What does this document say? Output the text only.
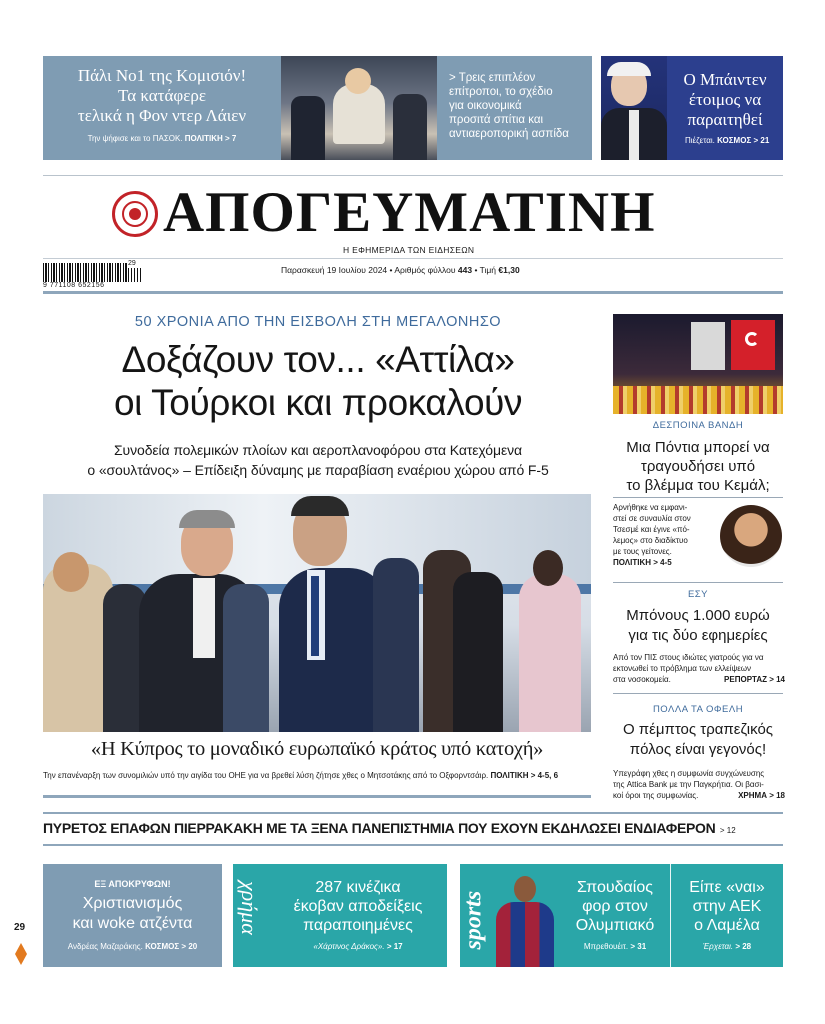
Πάλι Νο1 της Κομισιόν!
Τα κατάφερε
τελικά η Φον ντερ Λάιεν
Την ψήφισε και το ΠΑΣΟΚ. ΠΟΛΙΤΙΚΗ > 7
> Τρεις επιπλέον
επίτροποι, το σχέδιο
για οικονομικά
προσιτά σπίτια και
αντιαεροπορική ασπίδα
Ο Μπάιντεν
έτοιμος να
παραιτηθεί
Πιέζεται. ΚΟΣΜΟΣ > 21
ΑΠΟΓΕΥΜΑΤΙΝΗ
Η ΕΦΗΜΕΡΙΔΑ ΤΩΝ ΕΙΔΗΣΕΩΝ
9 771108 652156
29
Παρασκευή 19 Ιουλίου 2024 • Αριθμός φύλλου 443 • Τιμή €1,30
50 ΧΡΟΝΙΑ ΑΠΟ ΤΗΝ ΕΙΣΒΟΛΗ ΣΤΗ ΜΕΓΑΛΟΝΗΣΟ
Δοξάζουν τον... «Αττίλα»
οι Τούρκοι και προκαλούν
Συνοδεία πολεμικών πλοίων και αεροπλανοφόρου στα Κατεχόμενα
ο «σουλτάνος» – Επίδειξη δύναμης με παραβίαση εναέριου χώρου από F-5
«Η Κύπρος το μοναδικό ευρωπαϊκό κράτος υπό κατοχή»
Την επανέναρξη των συνομιλιών υπό την αιγίδα του ΟΗΕ για να βρεθεί λύση ζήτησε χθες ο Μητσοτάκης από το Οξφορντσάιρ. ΠΟΛΙΤΙΚΗ > 4-5, 6
ΔΕΣΠΟΙΝΑ ΒΑΝΔΗ
Μια Πόντια μπορεί να
τραγουδήσει υπό
το βλέμμα του Κεμάλ;
Αρνήθηκε να εμφανι-
στεί σε συναυλία στον
Τσεσμέ και έγινε «πό-
λεμος» στο διαδίκτυο
με τους γείτονες.
ΠΟΛΙΤΙΚΗ > 4-5
ΕΣΥ
Μπόνους 1.000 ευρώ
για τις δύο εφημερίες
Από τον ΠΙΣ στους ιδιώτες γιατρούς για να
εκτονωθεί το πρόβλημα των ελλείψεων
στα νοσοκομεία.	ΡΕΠΟΡΤΑΖ > 14
ΠΟΛΛΑ ΤΑ ΟΦΕΛΗ
Ο πέμπτος τραπεζικός
πόλος είναι γεγονός!
Υπεγράφη χθες η συμφωνία συγχώνευσης
της Attica Bank με την Παγκρήτια. Οι βασι-
κοί όροι της συμφωνίας.	ΧΡΗΜΑ > 18
ΠΥΡΕΤΟΣ ΕΠΑΦΩΝ ΠΙΕΡΡΑΚΑΚΗ ΜΕ ΤΑ ΞΕΝΑ ΠΑΝΕΠΙΣΤΗΜΙΑ ΠΟΥ ΕΧΟΥΝ ΕΚΔΗΛΩΣΕΙ ΕΝΔΙΑΦΕΡΟΝ > 12
ΕΞ ΑΠΟΚΡΥΦΩΝ!
Χριστιανισμός
και woke ατζέντα
Ανδρέας Μαζαράκης. ΚΟΣΜΟΣ > 20
χρήμα	287 κινέζικα
έκοβαν αποδείξεις
παραποιημένες
«Χάρτινος Δράκος». > 17	sports
Σπουδαίος
φορ στον
Ολυμπιακό
Μπρεθουέιτ. > 31
Είπε «ναι»
στην ΑΕΚ
ο Λαμέλα
Έρχεται. > 28
29
